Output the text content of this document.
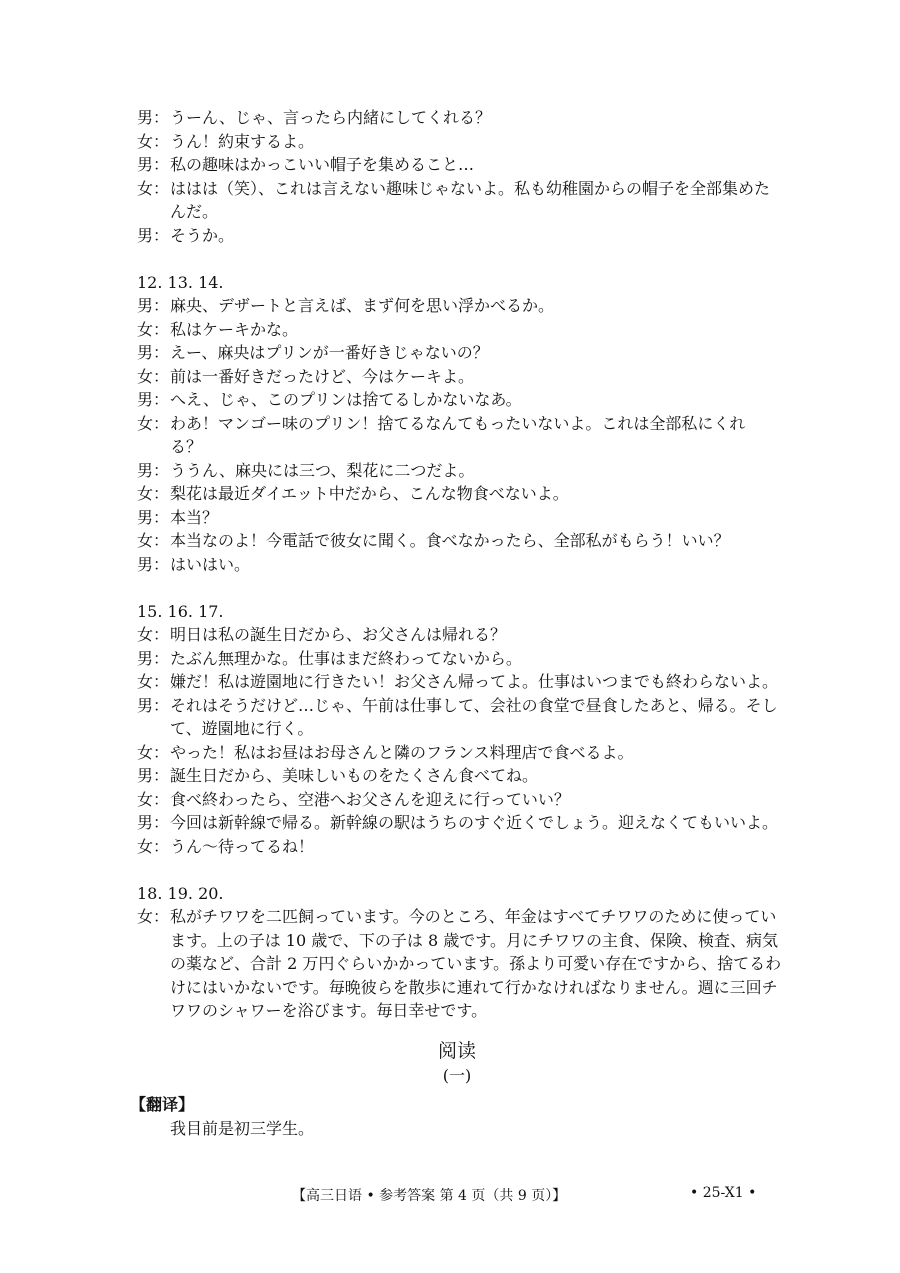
男： うーん、じゃ、言ったら内緒にしてくれる？
女： うん！約束するよ。
男： 私の趣味はかっこいい帽子を集めること…
女： ははは（笑）、これは言えない趣味じゃないよ。私も幼稚園からの帽子を全部集めた
んだ。
男： そうか。
12. 13. 14.
男： 麻央、デザートと言えば、まず何を思い浮かべるか。
女： 私はケーキかな。
男： えー、麻央はプリンが一番好きじゃないの？
女： 前は一番好きだったけど、今はケーキよ。
男： へえ、じゃ、このプリンは捨てるしかないなあ。
女： わあ！マンゴー味のプリン！捨てるなんてもったいないよ。これは全部私にくれ
る？
男： ううん、麻央には三つ、梨花に二つだよ。
女： 梨花は最近ダイエット中だから、こんな物食べないよ。
男： 本当？
女： 本当なのよ！今電話で彼女に聞く。食べなかったら、全部私がもらう！いい？
男： はいはい。
15. 16. 17.
女： 明日は私の誕生日だから、お父さんは帰れる？
男： たぶん無理かな。仕事はまだ終わってないから。
女： 嫌だ！私は遊園地に行きたい！お父さん帰ってよ。仕事はいつまでも終わらないよ。
男： それはそうだけど…じゃ、午前は仕事して、会社の食堂で昼食したあと、帰る。そし
て、遊園地に行く。
女： やった！私はお昼はお母さんと隣のフランス料理店で食べるよ。
男： 誕生日だから、美味しいものをたくさん食べてね。
女： 食べ終わったら、空港へお父さんを迎えに行っていい？
男： 今回は新幹線で帰る。新幹線の駅はうちのすぐ近くでしょう。迎えなくてもいいよ。
女： うん～待ってるね！
18. 19. 20.
女： 私がチワワを二匹飼っています。今のところ、年金はすべてチワワのために使ってい
ます。上の子は 10 歳で、下の子は 8 歳です。月にチワワの主食、保険、検査、病気
の薬など、合計 2 万円ぐらいかかっています。孫より可愛い存在ですから、捨てるわ
けにはいかないです。毎晩彼らを散歩に連れて行かなければなりません。週に三回チ
ワワのシャワーを浴びます。毎日幸せです。
阅读
(一)
【翻译】
我目前是初三学生。
【高三日语 • 参考答案 第 4 页（共 9 页）】	• 25-X1 •
